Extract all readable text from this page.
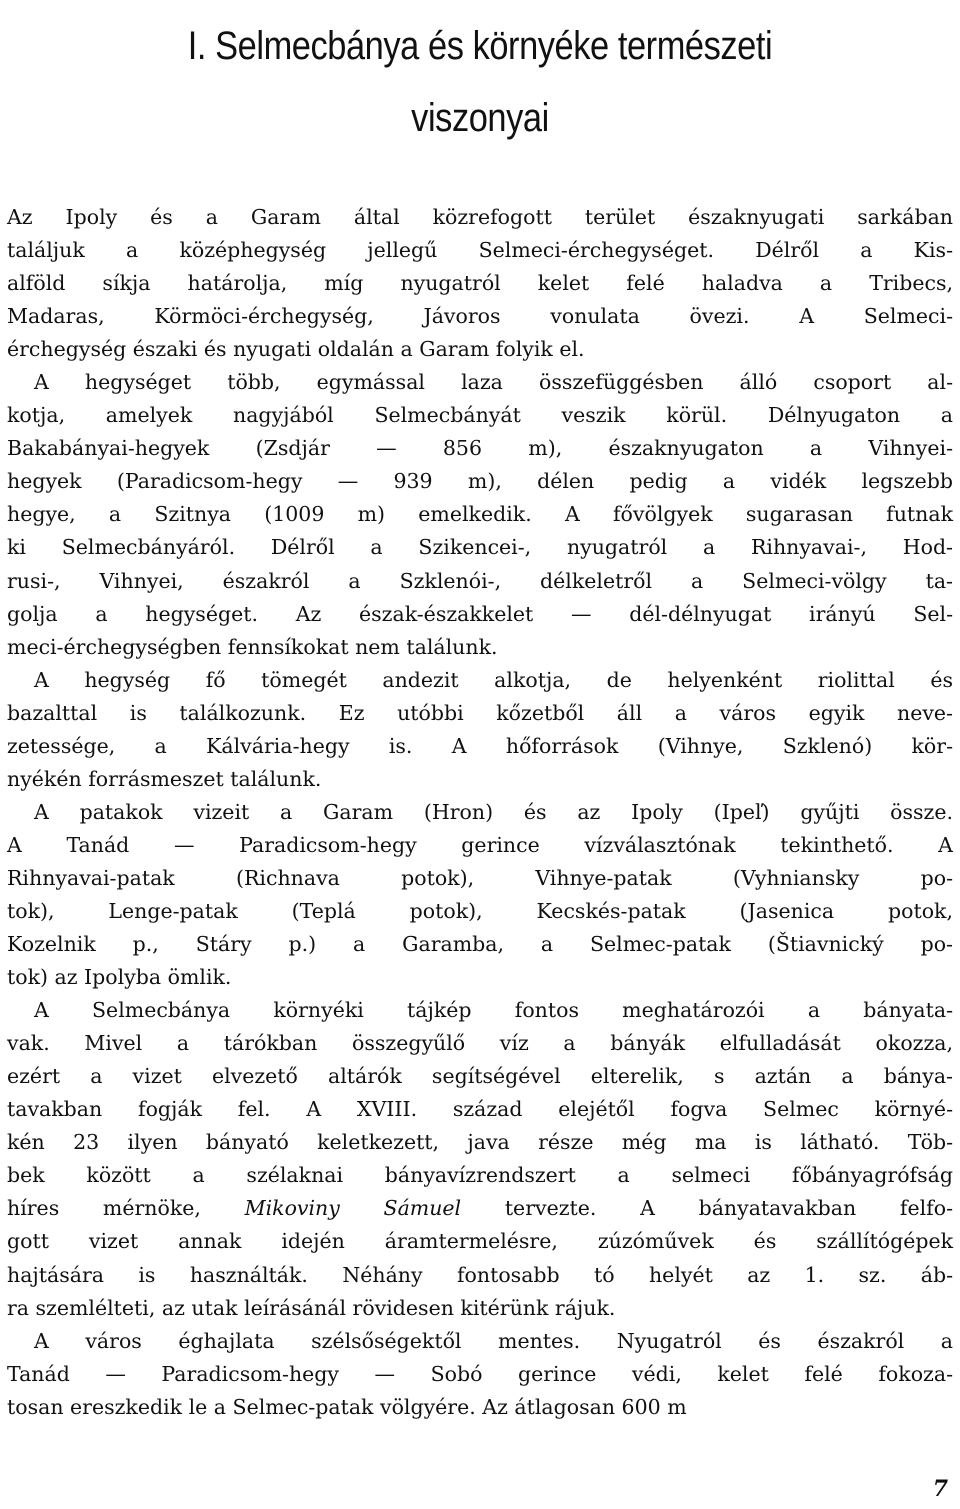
I. Selmecbánya és környéke természeti
viszonyai
Az Ipoly és a Garam által közrefogott terület északnyugati sarkában
találjuk a középhegység jellegű Selmeci-érchegységet. Délről a Kis-
alföld síkja határolja, míg nyugatról kelet felé haladva a Tribecs,
Madaras, Körmöci-érchegység, Jávoros vonulata övezi. A Selmeci-
érchegység északi és nyugati oldalán a Garam folyik el.
A hegységet több, egymással laza összefüggésben álló csoport al-
kotja, amelyek nagyjából Selmecbányát veszik körül. Délnyugaton a
Bakabányai-hegyek (Zsdjár — 856 m), északnyugaton a Vihnyei-
hegyek (Paradicsom-hegy — 939 m), délen pedig a vidék legszebb
hegye, a Szitnya (1009 m) emelkedik. A fővölgyek sugarasan futnak
ki Selmecbányáról. Délről a Szikencei-, nyugatról a Rihnyavai-, Hod-
rusi-, Vihnyei, északról a Szklenói-, délkeletről a Selmeci-völgy ta-
golja a hegységet. Az észak-északkelet — dél-délnyugat irányú Sel-
meci-érchegységben fennsíkokat nem találunk.
A hegység fő tömegét andezit alkotja, de helyenként riolittal és
bazalttal is találkozunk. Ez utóbbi kőzetből áll a város egyik neve-
zetessége, a Kálvária-hegy is. A hőforrások (Vihnye, Szklenó) kör-
nyékén forrásmeszet találunk.
A patakok vizeit a Garam (Hron) és az Ipoly (Ipeľ) gyűjti össze.
A Tanád — Paradicsom-hegy gerince vízválasztónak tekinthető. A
Rihnyavai-patak (Richnava potok), Vihnye-patak (Vyhniansky po-
tok), Lenge-patak (Teplá potok), Kecskés-patak (Jasenica potok,
Kozelnik p., Stáry p.) a Garamba, a Selmec-patak (Štiavnický po-
tok) az Ipolyba ömlik.
A Selmecbánya környéki tájkép fontos meghatározói a bányata-
vak. Mivel a tárókban összegyűlő víz a bányák elfulladását okozza,
ezért a vizet elvezető altárók segítségével elterelik, s aztán a bánya-
tavakban fogják fel. A XVIII. század elejétől fogva Selmec környé-
kén 23 ilyen bányató keletkezett, java része még ma is látható. Töb-
bek között a szélaknai bányavízrendszert a selmeci főbányagrófság
híres mérnöke, Mikoviny Sámuel tervezte. A bányatavakban felfo-
gott vizet annak idején áramtermelésre, zúzóművek és szállítógépek
hajtására is használták. Néhány fontosabb tó helyét az 1. sz. áb-
ra szemlélteti, az utak leírásánál rövidesen kitérünk rájuk.
A város éghajlata szélsőségektől mentes. Nyugatról és északról a
Tanád — Paradicsom-hegy — Sobó gerince védi, kelet felé fokoza-
tosan ereszkedik le a Selmec-patak völgyére. Az átlagosan 600 m
7
